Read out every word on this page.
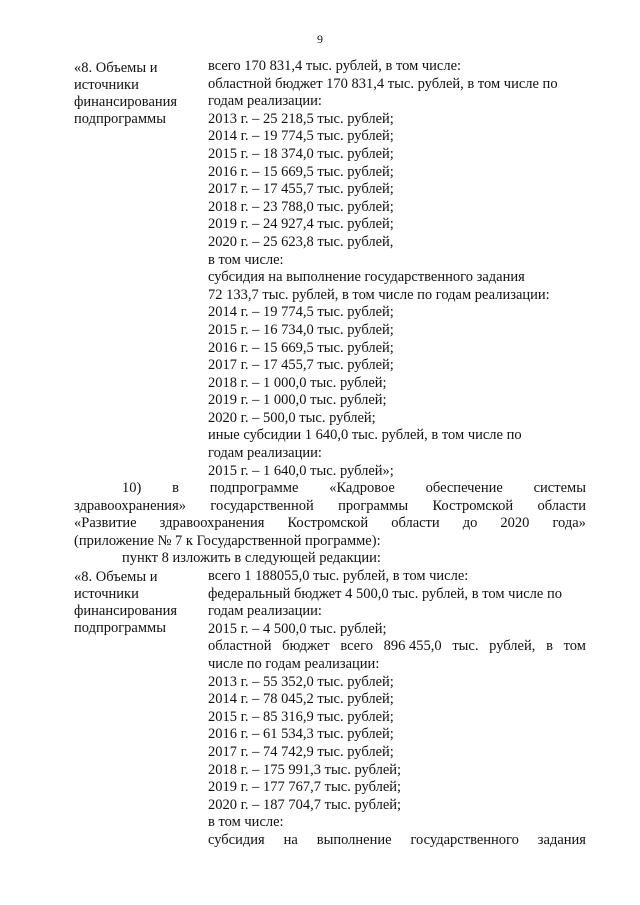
9
«8. Объемы и
источники
финансирования
подпрограммы
всего 170 831,4 тыс. рублей, в том числе:
областной бюджет 170 831,4 тыс. рублей, в том числе по
годам реализации:
2013 г. – 25 218,5 тыс. рублей;
2014 г. – 19 774,5 тыс. рублей;
2015 г. – 18 374,0 тыс. рублей;
2016 г. – 15 669,5 тыс. рублей;
2017 г. – 17 455,7 тыс. рублей;
2018 г. – 23 788,0 тыс. рублей;
2019 г. – 24 927,4 тыс. рублей;
2020 г. – 25 623,8 тыс. рублей,
в том числе:
субсидия на выполнение государственного задания
72 133,7 тыс. рублей, в том числе по годам реализации:
2014 г. – 19 774,5 тыс. рублей;
2015 г. – 16 734,0 тыс. рублей;
2016 г. – 15 669,5 тыс. рублей;
2017 г. – 17 455,7 тыс. рублей;
2018 г. – 1 000,0 тыс. рублей;
2019 г. – 1 000,0 тыс. рублей;
2020 г. – 500,0 тыс. рублей;
иные субсидии 1 640,0 тыс. рублей, в том числе по
годам реализации:
2015 г. – 1 640,0 тыс. рублей»;
10) в подпрограмме «Кадровое обеспечение системы
здравоохранения» государственной программы Костромской области
«Развитие здравоохранения Костромской области до 2020 года»
(приложение № 7 к Государственной программе):
пункт 8 изложить в следующей редакции:
«8. Объемы и
источники
финансирования
подпрограммы
всего 1 188055,0 тыс. рублей, в том числе:
федеральный бюджет 4 500,0 тыс. рублей, в том числе по
годам реализации:
2015 г. – 4 500,0 тыс. рублей;
областной бюджет всего 896 455,0 тыс. рублей, в том
числе по годам реализации:
2013 г. – 55 352,0 тыс. рублей;
2014 г. – 78 045,2 тыс. рублей;
2015 г. – 85 316,9 тыс. рублей;
2016 г. – 61 534,3 тыс. рублей;
2017 г. – 74 742,9 тыс. рублей;
2018 г. – 175 991,3 тыс. рублей;
2019 г. – 177 767,7 тыс. рублей;
2020 г. – 187 704,7 тыс. рублей;
в том числе:
субсидия на выполнение государственного задания
